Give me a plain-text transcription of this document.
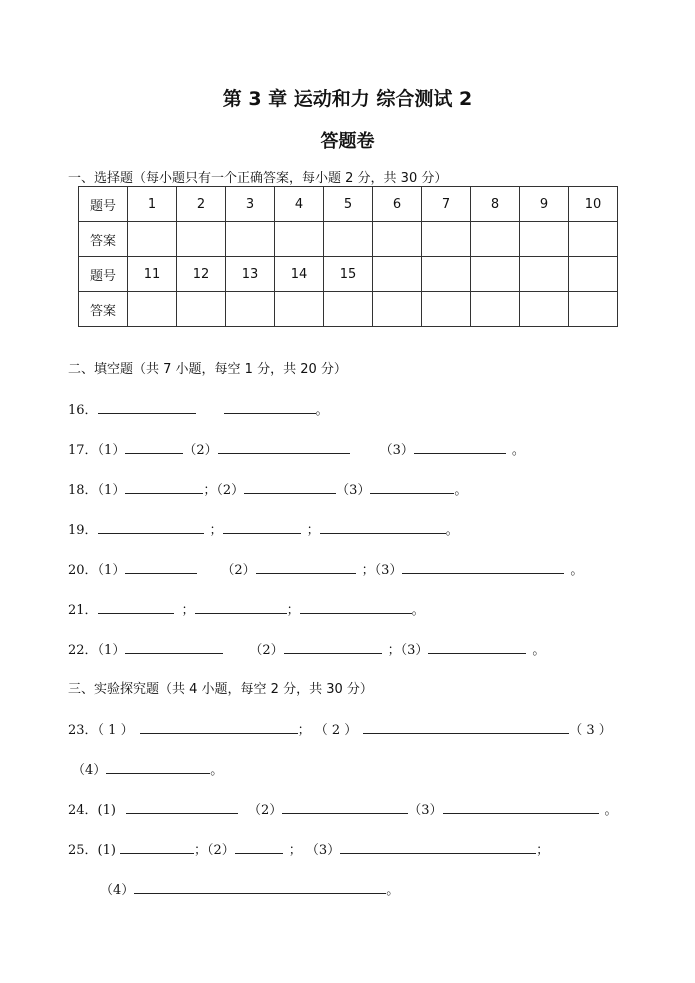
第 3 章 运动和力 综合测试 2
答题卷
一、选择题（每小题只有一个正确答案，每小题 2 分，共 30 分）
题号	1	2	3	4	5	6	7	8	9	10
答案										
题号	11	12	13	14	15					
答案										
二、填空题（共 7 小题，每空 1 分，共 20 分）
16．	。
17．（1）	（2）	（3）	。
18．（1）	；（2）	（3）	。
19．	；	；	。
20．（1）	（2）	；（3）	。
21．	；	；	。
22．（1）	（2）	；（3）	。
三、实验探究题（共 4 小题，每空 2 分，共 30 分）
23．（ 1 ）	； （ 2 ）	（ 3 ）
（4）	。
24．(1)	（2）	（3）	。
25．(1)	；（2）	； （3）	；
（4）	。
